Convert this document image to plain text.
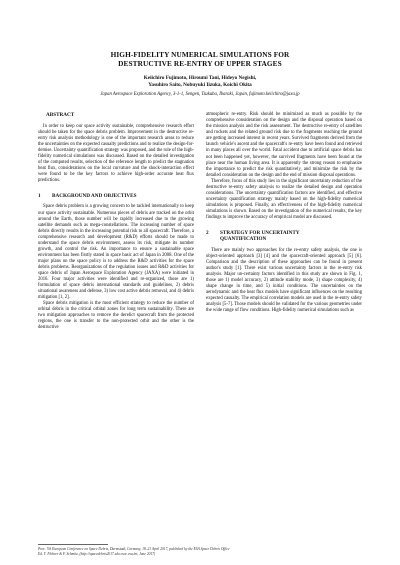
HIGH-FIDELITY NUMERICAL SIMULATIONS FOR
DESTRUCTIVE RE-ENTRY OF UPPER STAGES
Keiichiro Fujimoto, Hiroumi Tani, Hideyo Negishi,
Yasuhiro Saito, Nobuyuki Iizuka, Koichi Okita
Japan Aerospace Exploration Agency, 3-1-1, Sengen, Tsukuba, Ibaraki, Japan, fujimoto.keiichiro@jaxa.jp
ABSTRACT

In order to keep our space activity sustainable, comprehensive research effort should be taken for the space debris problem. Improvement in the destructive re-entry risk analysis methodology is one of the important research areas to reduce the uncertainties on the expected casualty predictions and to realize the design-for-demise. Uncertainty quantification strategy was proposed, and the role of the high-fidelity numerical simulations was discussed. Based on the detailed investigation of the computed results, selection of the reference length to predict the stagnation heat flux, considerations on the local curvature and the shock-interaction effect were found to be the key factors to achieve high-order accurate heat flux predictions.

1	BACKGROUND AND OBJECTIVES

Space debris problem is a growing concern to be tackled internationally to keep our space activity sustainable. Numerous pieces of debris are tracked on the orbit around the Earth, those number will be rapidly increased due to the growing satellite demands such as mega-constellations. The increasing number of space debris directly results in the increasing potential risk to all spacecraft. Therefore, a comprehensive research and development (R&D) efforts should be made to understand the space debris environment, assess its risk, mitigate its number growth, and control the risk. An importance to ensure a sustainable space environment has been firstly stated in space basic act of Japan in 2008. One of the major plans on the space policy is to address the R&D activities for the space debris problems. Reorganizations of the regulation issues and R&D activities for space debris of Japan Aerospace Exploration Agency (JAXA) were initiated in 2016. Four major activities were identified and re-organized, those are 1) formulation of space debris international standards and guidelines, 2) debris situational awareness and defense, 3) low cost active debris removal, and 4) debris mitigation [1, 2].

Space debris mitigation is the most efficient strategy to reduce the number of orbital debris in the critical orbital zones for long term sustainability. There are two mitigation approaches to remove the derelict spacecraft from the protected regions, the one is transfer to the non-protected orbit and the other is the destructive

atmospheric re-entry. Risk should be minimized as much as possible by the comprehensive consideration on the design and the disposal operation based on the mission analysis and the risk assessment. The destructive re-entry of satellites and rockets and the related ground risk due to the fragments reaching the ground are getting increased interest in recent years. Survived fragments derived from the launch vehicle's ascent and the spacecraft's re-entry have been found and retrieved in many places all over the world. Fatal accident due to artificial space debris has not been happened yet, however, the survived fragments have been found at the place near the human living area. It is apparently the strong reason to emphasize the importance to predict the risk quantitatively, and minimize the risk by the detailed consideration on the design and the end of mission disposal operations.

Therefore, focus of this study lies in the significant uncertainty reduction of the destructive re-entry safety analysis to realize the detailed design and operation considerations. The uncertainty quantification factors are identified, and effective uncertainty quantification strategy mainly based on the high-fidelity numerical simulations is proposed. Finally, an effectiveness of the high-fidelity numerical simulations is shown. Based on the investigation of the numerical results, the key findings to improve the accuracy of empirical model are discussed.

2	STRATEGY FOR UNCERTAINTY
QUANTIFICATION

There are mainly two approaches for the re-entry safety analysis, the one is object-oriented approach [3] [4] and the spacecraft-oriented approach [5] [6]. Comparison and the description of these approaches can be found in present author's study [1]. There exist various uncertainty factors in the re-entry risk analysis. Major un-certainty factors identified in this study are shown in Fig. 1, those are 1) model accuracy, 2) attitude stability mode, 3) shape complexity, 4) shape change in time, and 5) initial conditions. The uncertainties on the aerodynamic and the heat flux models have significant influences on the resulting expected casualty. The empirical correlation models are used in the re-entry safety analysis [5-7]. Those models should be validated for the various geometries under the wide range of flow conditions. High-fidelity numerical simulations such as

Proc. 7th European Conference on Space Debris, Darmstadt, Germany, 18–21 April 2017, published by the ESA Space Debris Office
Ed. T. Flohrer & F. Schmitz, (http://spacedebris2017.sdo.esoc.esa.int, June 2017)
